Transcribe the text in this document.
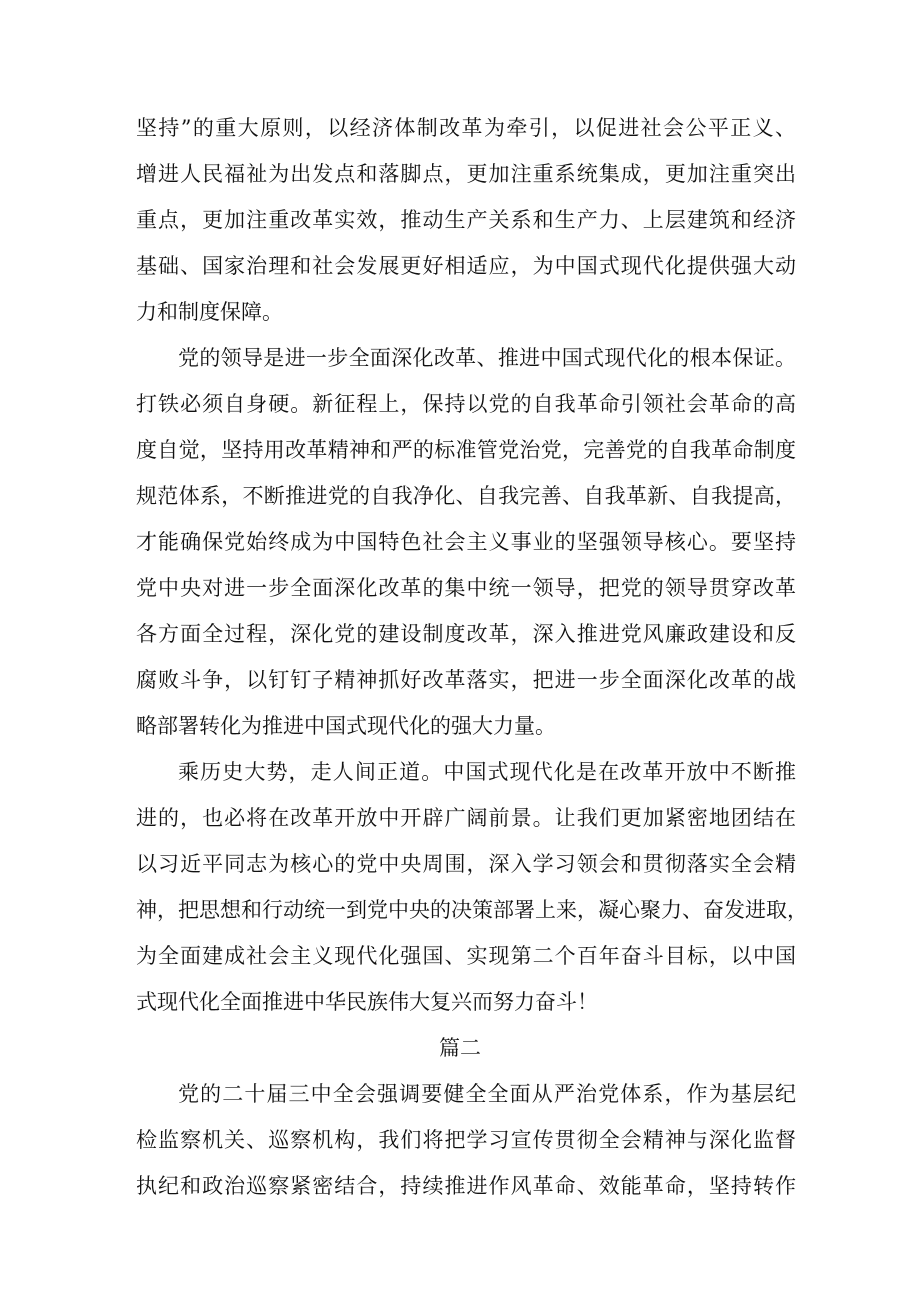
坚持”的重大原则，以经济体制改革为牵引，以促进社会公平正义、
增进人民福祉为出发点和落脚点，更加注重系统集成，更加注重突出
重点，更加注重改革实效，推动生产关系和生产力、上层建筑和经济
基础、国家治理和社会发展更好相适应，为中国式现代化提供强大动
力和制度保障。
党的领导是进一步全面深化改革、推进中国式现代化的根本保证。
打铁必须自身硬。新征程上，保持以党的自我革命引领社会革命的高
度自觉，坚持用改革精神和严的标准管党治党，完善党的自我革命制度
规范体系，不断推进党的自我净化、自我完善、自我革新、自我提高，
才能确保党始终成为中国特色社会主义事业的坚强领导核心。要坚持
党中央对进一步全面深化改革的集中统一领导，把党的领导贯穿改革
各方面全过程，深化党的建设制度改革，深入推进党风廉政建设和反
腐败斗争，以钉钉子精神抓好改革落实，把进一步全面深化改革的战
略部署转化为推进中国式现代化的强大力量。
乘历史大势，走人间正道。中国式现代化是在改革开放中不断推
进的，也必将在改革开放中开辟广阔前景。让我们更加紧密地团结在
以习近平同志为核心的党中央周围，深入学习领会和贯彻落实全会精
神，把思想和行动统一到党中央的决策部署上来，凝心聚力、奋发进取，
为全面建成社会主义现代化强国、实现第二个百年奋斗目标，以中国
式现代化全面推进中华民族伟大复兴而努力奋斗！
篇二
党的二十届三中全会强调要健全全面从严治党体系，作为基层纪
检监察机关、巡察机构，我们将把学习宣传贯彻全会精神与深化监督
执纪和政治巡察紧密结合，持续推进作风革命、效能革命，坚持转作
